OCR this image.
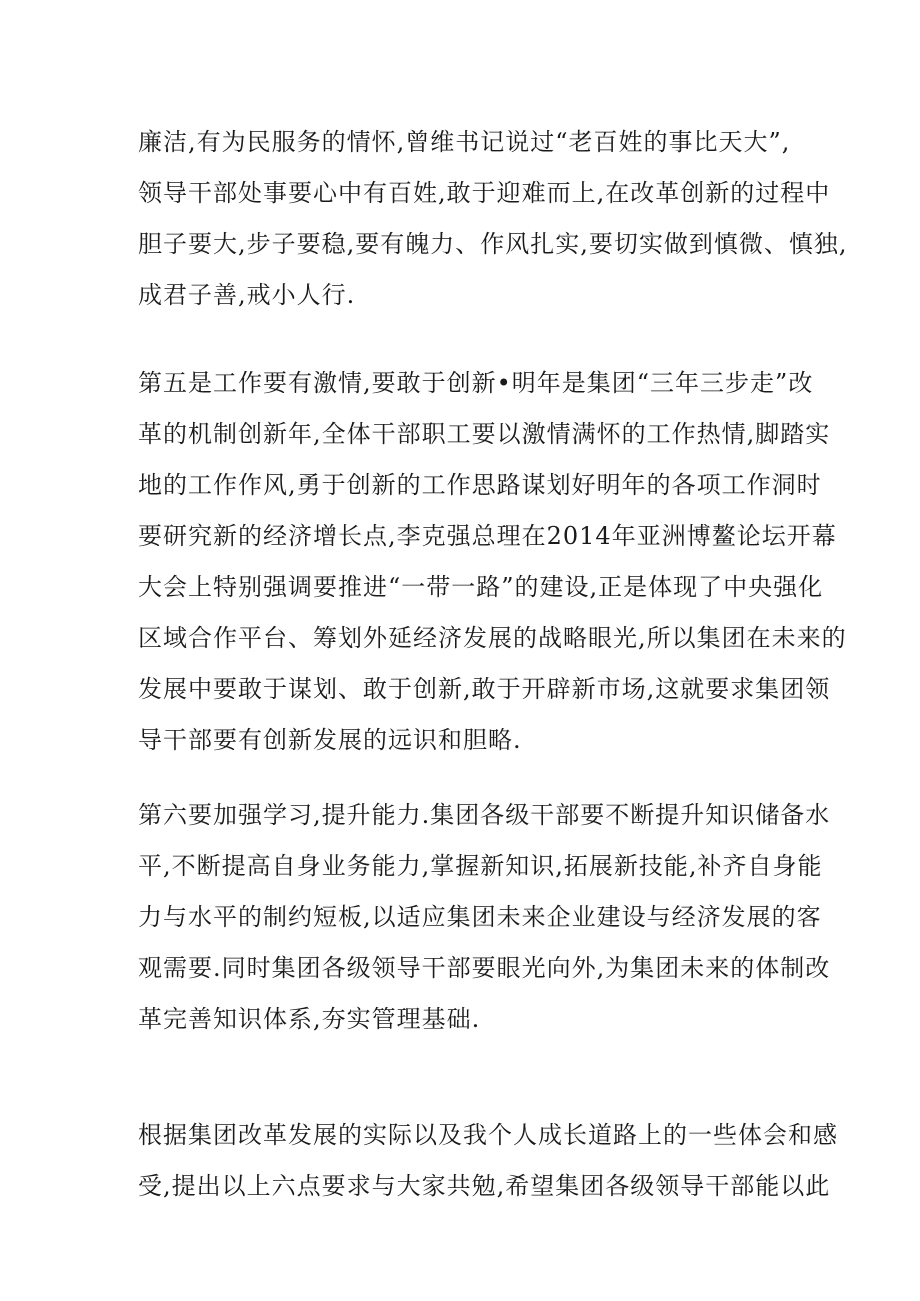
廉洁,有为民服务的情怀,曾维书记说过“老百姓的事比天大”,
领导干部处事要心中有百姓,敢于迎难而上,在改革创新的过程中
胆子要大,步子要稳,要有魄力、作风扎实,要切实做到慎微、慎独,
成君子善,戒小人行.
第五是工作要有激情,要敢于创新•明年是集团“三年三步走”改
革的机制创新年,全体干部职工要以激情满怀的工作热情,脚踏实
地的工作作风,勇于创新的工作思路谋划好明年的各项工作洞时
要研究新的经济增长点,李克强总理在2014年亚洲博鳌论坛开幕
大会上特别强调要推进“一带一路”的建设,正是体现了中央强化
区域合作平台、筹划外延经济发展的战略眼光,所以集团在未来的
发展中要敢于谋划、敢于创新,敢于开辟新市场,这就要求集团领
导干部要有创新发展的远识和胆略.
第六要加强学习,提升能力.集团各级干部要不断提升知识储备水
平,不断提高自身业务能力,掌握新知识,拓展新技能,补齐自身能
力与水平的制约短板,以适应集团未来企业建设与经济发展的客
观需要.同时集团各级领导干部要眼光向外,为集团未来的体制改
革完善知识体系,夯实管理基础.
根据集团改革发展的实际以及我个人成长道路上的一些体会和感
受,提出以上六点要求与大家共勉,希望集团各级领导干部能以此
